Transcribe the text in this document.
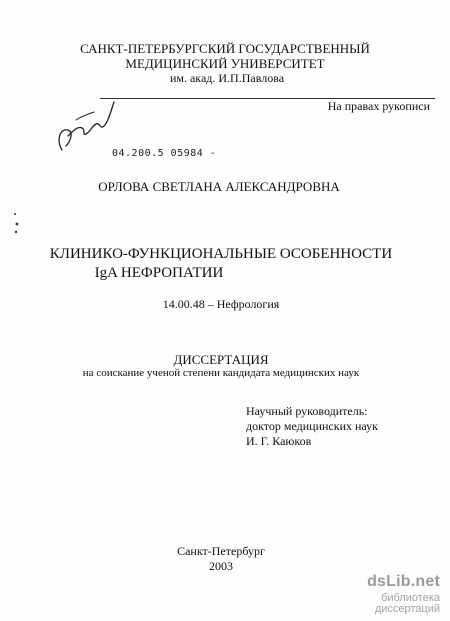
САНКТ-ПЕТЕРБУРГСКИЙ ГОСУДАРСТВЕННЫЙ
МЕДИЦИНСКИЙ УНИВЕРСИТЕТ
им. акад. И.П.Павлова
На правах рукописи
04.200.5 05984 -
ОРЛОВА СВЕТЛАНА АЛЕКСАНДРОВНА
КЛИНИКО-ФУНКЦИОНАЛЬНЫЕ ОСОБЕННОСТИ
IgA НЕФРОПАТИИ
14.00.48 – Нефрология
ДИССЕРТАЦИЯ
на соискание ученой степени кандидата медицинских наук
Научный руководитель:
доктор медицинских наук
И. Г. Каюков
Санкт-Петербург
2003
dsLib.net
библиотека диссертаций
